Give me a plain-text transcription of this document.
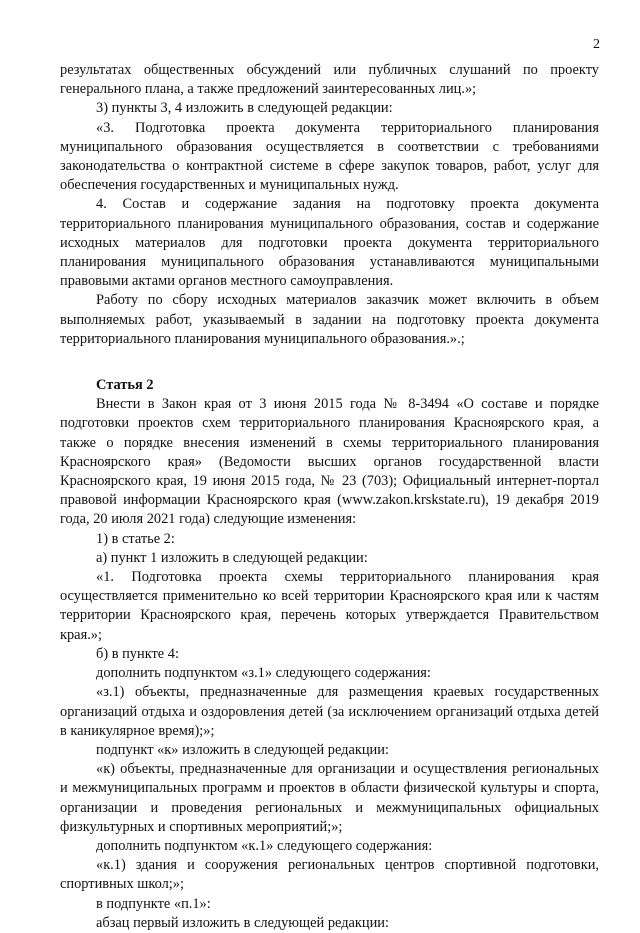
2

результатах общественных обсуждений или публичных слушаний по проекту генерального плана, а также предложений заинтересованных лиц.»;

3) пункты 3, 4 изложить в следующей редакции:

«3. Подготовка проекта документа территориального планирования муниципального образования осуществляется в соответствии с требованиями законодательства о контрактной системе в сфере закупок товаров, работ, услуг для обеспечения государственных и муниципальных нужд.

4. Состав и содержание задания на подготовку проекта документа территориального планирования муниципального образования, состав и содержание исходных материалов для подготовки проекта документа территориального планирования муниципального образования устанавливаются муниципальными правовыми актами органов местного самоуправления.

Работу по сбору исходных материалов заказчик может включить в объем выполняемых работ, указываемый в задании на подготовку проекта документа территориального планирования муниципального образования.».;

Статья 2

Внести в Закон края от 3 июня 2015 года № 8-3494 «О составе и порядке подготовки проектов схем территориального планирования Красноярского края, а также о порядке внесения изменений в схемы территориального планирования Красноярского края» (Ведомости высших органов государственной власти Красноярского края, 19 июня 2015 года, № 23 (703); Официальный интернет-портал правовой информации Красноярского края (www.zakon.krskstate.ru), 19 декабря 2019 года, 20 июля 2021 года) следующие изменения:

1) в статье 2:

а) пункт 1 изложить в следующей редакции:

«1. Подготовка проекта схемы территориального планирования края осуществляется применительно ко всей территории Красноярского края или к частям территории Красноярского края, перечень которых утверждается Правительством края.»;

б) в пункте 4:

дополнить подпунктом «з.1» следующего содержания:

«з.1) объекты, предназначенные для размещения краевых государственных организаций отдыха и оздоровления детей (за исключением организаций отдыха детей в каникулярное время);»;

подпункт «к» изложить в следующей редакции:

«к) объекты, предназначенные для организации и осуществления региональных и межмуниципальных программ и проектов в области физической культуры и спорта, организации и проведения региональных и межмуниципальных официальных физкультурных и спортивных мероприятий;»;

дополнить подпунктом «к.1» следующего содержания:

«к.1) здания и сооружения региональных центров спортивной подготовки, спортивных школ;»;

в подпункте «п.1»:

абзац первый изложить в следующей редакции:
